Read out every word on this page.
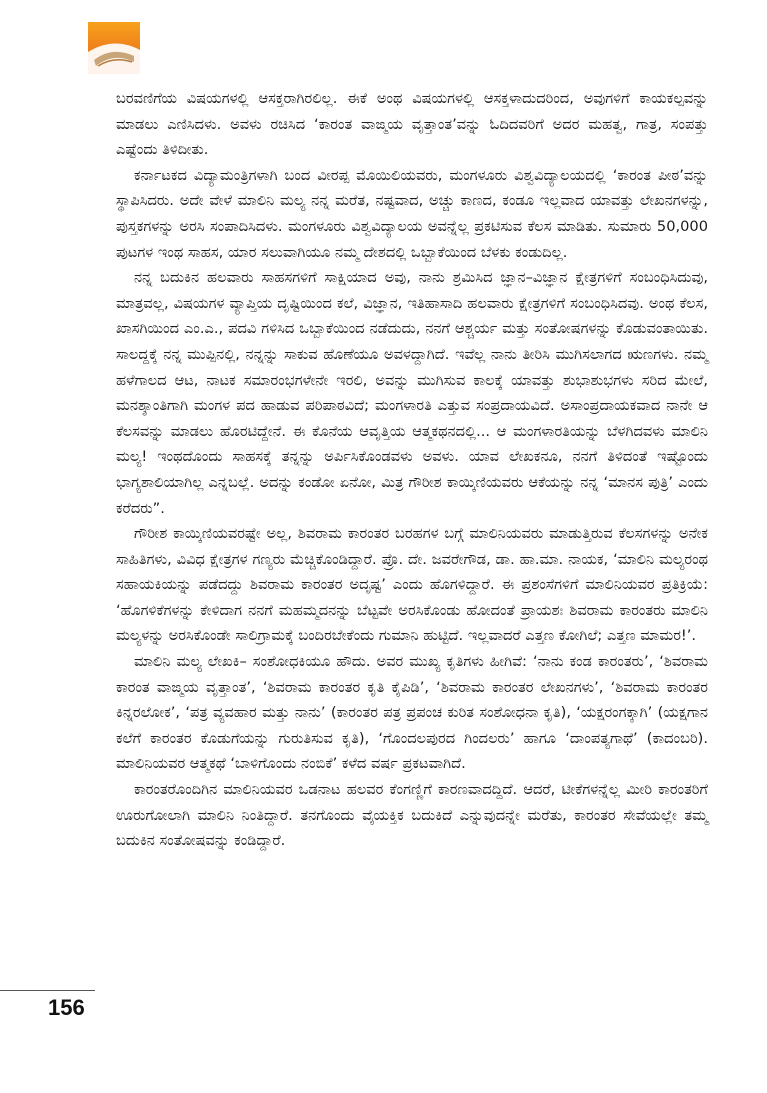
ಬರವಣಿಗೆಯ ವಿಷಯಗಳಲ್ಲಿ ಆಸಕ್ತರಾಗಿರಲಿಲ್ಲ. ಈಕೆ ಅಂಥ ವಿಷಯಗಳಲ್ಲಿ ಆಸಕ್ತಳಾದುದರಿಂದ, ಅವುಗಳಿಗೆ ಕಾಯಕಲ್ಪವನ್ನು ಮಾಡಲು ಎಣಿಸಿದಳು. ಅವಳು ರಚಿಸಿದ ‘ಕಾರಂತ ವಾಙ್ಮಯ ವೃತ್ತಾಂತ’ವನ್ನು ಓದಿದವರಿಗೆ ಅದರ ಮಹತ್ವ, ಗಾತ್ರ, ಸಂಪತ್ತು ಎಷ್ಟೆಂದು ತಿಳಿದೀತು.

ಕರ್ನಾಟಕದ ವಿದ್ಯಾಮಂತ್ರಿಗಳಾಗಿ ಬಂದ ವೀರಪ್ಪ ಮೊಯಿಲಿಯವರು, ಮಂಗಳೂರು ವಿಶ್ವವಿದ್ಯಾಲಯದಲ್ಲಿ ‘ಕಾರಂತ ಪೀಠ’ವನ್ನು ಸ್ಥಾಪಿಸಿದರು. ಅದೇ ವೇಳೆ ಮಾಲಿನಿ ಮಲ್ಯ ನನ್ನ ಮರೆತ, ನಷ್ಟವಾದ, ಅಚ್ಚು ಕಾಣದ, ಕಂಡೂ ಇಲ್ಲವಾದ ಯಾವತ್ತು ಲೇಖನಗಳನ್ನು, ಪುಸ್ತಕಗಳನ್ನು ಅರಸಿ ಸಂಪಾದಿಸಿದಳು. ಮಂಗಳೂರು ವಿಶ್ವವಿದ್ಯಾಲಯ ಅವನ್ನೆಲ್ಲ ಪ್ರಕಟಿಸುವ ಕೆಲಸ ಮಾಡಿತು. ಸುಮಾರು 50,000 ಪುಟಗಳ ಇಂಥ ಸಾಹಸ, ಯಾರ ಸಲುವಾಗಿಯೂ ನಮ್ಮ ದೇಶದಲ್ಲಿ ಒಬ್ಬಾಕೆಯಿಂದ ಬೆಳಕು ಕಂಡುದಿಲ್ಲ.

ನನ್ನ ಬದುಕಿನ ಹಲವಾರು ಸಾಹಸಗಳಿಗೆ ಸಾಕ್ಷಿಯಾದ ಅವು, ನಾನು ಶ್ರಮಿಸಿದ ಜ್ಞಾನ–ವಿಜ್ಞಾನ ಕ್ಷೇತ್ರಗಳಿಗೆ ಸಂಬಂಧಿಸಿದುವು, ಮಾತ್ರವಲ್ಲ, ವಿಷಯಗಳ ವ್ಯಾಪ್ತಿಯ ದೃಷ್ಟಿಯಿಂದ ಕಲೆ, ವಿಜ್ಞಾನ, ಇತಿಹಾಸಾದಿ ಹಲವಾರು ಕ್ಷೇತ್ರಗಳಿಗೆ ಸಂಬಂಧಿಸಿದವು. ಅಂಥ ಕೆಲಸ, ಖಾಸಗಿಯಿಂದ ಎಂ.ಎ., ಪದವಿ ಗಳಿಸಿದ ಒಬ್ಬಾಕೆಯಿಂದ ನಡೆದುದು, ನನಗೆ ಆಶ್ಚರ್ಯ ಮತ್ತು ಸಂತೋಷಗಳನ್ನು ಕೊಡುವಂತಾಯಿತು. ಸಾಲದ್ದಕ್ಕೆ ನನ್ನ ಮುಪ್ಪಿನಲ್ಲಿ, ನನ್ನನ್ನು ಸಾಕುವ ಹೊಣೆಯೂ ಅವಳದ್ದಾಗಿದೆ. ಇವೆಲ್ಲ ನಾನು ತೀರಿಸಿ ಮುಗಿಸಲಾಗದ ಋಣಗಳು. ನಮ್ಮ ಹಳೆಗಾಲದ ಆಟ, ನಾಟಕ ಸಮಾರಂಭಗಳೇನೇ ಇರಲಿ, ಅವನ್ನು ಮುಗಿಸುವ ಕಾಲಕ್ಕೆ ಯಾವತ್ತು ಶುಭಾಶುಭಗಳು ಸರಿದ ಮೇಲೆ, ಮನಶ್ಶಾಂತಿಗಾಗಿ ಮಂಗಳ ಪದ ಹಾಡುವ ಪರಿಪಾಠವಿದೆ; ಮಂಗಳಾರತಿ ಎತ್ತುವ ಸಂಪ್ರದಾಯವಿದೆ. ಅಸಾಂಪ್ರದಾಯಕವಾದ ನಾನೇ ಆ ಕೆಲಸವನ್ನು ಮಾಡಲು ಹೊರಟಿದ್ದೇನೆ. ಈ ಕೊನೆಯ ಆವೃತ್ತಿಯ ಆತ್ಮಕಥನದಲ್ಲಿ... ಆ ಮಂಗಳಾರತಿಯನ್ನು ಬೆಳಗಿದವಳು ಮಾಲಿನಿ ಮಲ್ಯ! ಇಂಥದೊಂದು ಸಾಹಸಕ್ಕೆ ತನ್ನನ್ನು ಅರ್ಪಿಸಿಕೊಂಡವಳು ಅವಳು. ಯಾವ ಲೇಖಕನೂ, ನನಗೆ ತಿಳಿದಂತೆ ಇಷ್ಟೊಂದು ಭಾಗ್ಯಶಾಲಿಯಾಗಿಲ್ಲ ಎನ್ನಬಲ್ಲೆ. ಅದನ್ನು ಕಂಡೋ ಏನೋ, ಮಿತ್ರ ಗೌರೀಶ ಕಾಯ್ಕಿಣಿಯವರು ಆಕೆಯನ್ನು ನನ್ನ ‘ಮಾನಸ ಪುತ್ರಿ’ ಎಂದು ಕರೆದರು”.

ಗೌರೀಶ ಕಾಯ್ಕಿಣಿಯವರಷ್ಟೇ ಅಲ್ಲ, ಶಿವರಾಮ ಕಾರಂತರ ಬರಹಗಳ ಬಗ್ಗೆ ಮಾಲಿನಿಯವರು ಮಾಡುತ್ತಿರುವ ಕೆಲಸಗಳನ್ನು ಅನೇಕ ಸಾಹಿತಿಗಳು, ವಿವಿಧ ಕ್ಷೇತ್ರಗಳ ಗಣ್ಯರು ಮೆಚ್ಚಿಕೊಂಡಿದ್ದಾರೆ. ಪ್ರೊ. ದೇ. ಜವರೇಗೌಡ, ಡಾ. ಹಾ.ಮಾ. ನಾಯಕ, ‘ಮಾಲಿನಿ ಮಲ್ಯರಂಥ ಸಹಾಯಕಿಯನ್ನು ಪಡೆದದ್ದು ಶಿವರಾಮ ಕಾರಂತರ ಅದೃಷ್ಟ’ ಎಂದು ಹೊಗಳಿದ್ದಾರೆ. ಈ ಪ್ರಶಂಸೆಗಳಿಗೆ ಮಾಲಿನಿಯವರ ಪ್ರತಿಕ್ರಿಯೆ: ‘ಹೊಗಳಿಕೆಗಳನ್ನು ಕೇಳಿದಾಗ ನನಗೆ ಮಹಮ್ಮದನನ್ನು ಬೆಟ್ಟವೇ ಅರಸಿಕೊಂಡು ಹೋದಂತೆ ಪ್ರಾಯಶಃ ಶಿವರಾಮ ಕಾರಂತರು ಮಾಲಿನಿ ಮಲ್ಯಳನ್ನು ಅರಸಿಕೊಂಡೇ ಸಾಲಿಗ್ರಾಮಕ್ಕೆ ಬಂದಿರಬೇಕೆಂದು ಗುಮಾನಿ ಹುಟ್ಟಿದೆ. ಇಲ್ಲವಾದರೆ ಎತ್ತಣ ಕೋಗಿಲೆ; ಎತ್ತಣ ಮಾಮರ!’.

ಮಾಲಿನಿ ಮಲ್ಯ ಲೇಖಕಿ– ಸಂಶೋಧಕಿಯೂ ಹೌದು. ಅವರ ಮುಖ್ಯ ಕೃತಿಗಳು ಹೀಗಿವೆ: ‘ನಾನು ಕಂಡ ಕಾರಂತರು’, ‘ಶಿವರಾಮ ಕಾರಂತ ವಾಙ್ಮಯ ವೃತ್ತಾಂತ’, ‘ಶಿವರಾಮ ಕಾರಂತರ ಕೃತಿ ಕೈಪಿಡಿ’, ‘ಶಿವರಾಮ ಕಾರಂತರ ಲೇಖನಗಳು’, ‘ಶಿವರಾಮ ಕಾರಂತರ ಕಿನ್ನರಲೋಕ’, ‘ಪತ್ರ ವ್ಯವಹಾರ ಮತ್ತು ನಾನು’ (ಕಾರಂತರ ಪತ್ರ ಪ್ರಪಂಚ ಕುರಿತ ಸಂಶೋಧನಾ ಕೃತಿ), ‘ಯಕ್ಷರಂಗಕ್ಕಾಗಿ’ (ಯಕ್ಷಗಾನ ಕಲೆಗೆ ಕಾರಂತರ ಕೊಡುಗೆಯನ್ನು ಗುರುತಿಸುವ ಕೃತಿ), ‘ಗೊಂದಲಪುರದ ಗಿಂದಲರು’ ಹಾಗೂ ‘ದಾಂಪತ್ಯಗಾಥೆ’ (ಕಾದಂಬರಿ). ಮಾಲಿನಿಯವರ ಆತ್ಮಕಥೆ ‘ಬಾಳಿಗೊಂದು ನಂಬಿಕೆ’ ಕಳೆದ ವರ್ಷ ಪ್ರಕಟವಾಗಿದೆ.

ಕಾರಂತರೊಂದಿಗಿನ ಮಾಲಿನಿಯವರ ಒಡನಾಟ ಹಲವರ ಕೆಂಗಣ್ಣಿಗೆ ಕಾರಣವಾದದ್ದಿದೆ. ಆದರೆ, ಟೀಕೆಗಳನ್ನೆಲ್ಲ ಮೀರಿ ಕಾರಂತರಿಗೆ ಊರುಗೋಲಾಗಿ ಮಾಲಿನಿ ನಿಂತಿದ್ದಾರೆ. ತನಗೊಂದು ವೈಯಕ್ತಿಕ ಬದುಕಿದೆ ಎನ್ನುವುದನ್ನೇ ಮರೆತು, ಕಾರಂತರ ಸೇವೆಯಲ್ಲೇ ತಮ್ಮ ಬದುಕಿನ ಸಂತೋಷವನ್ನು ಕಂಡಿದ್ದಾರೆ.

156
